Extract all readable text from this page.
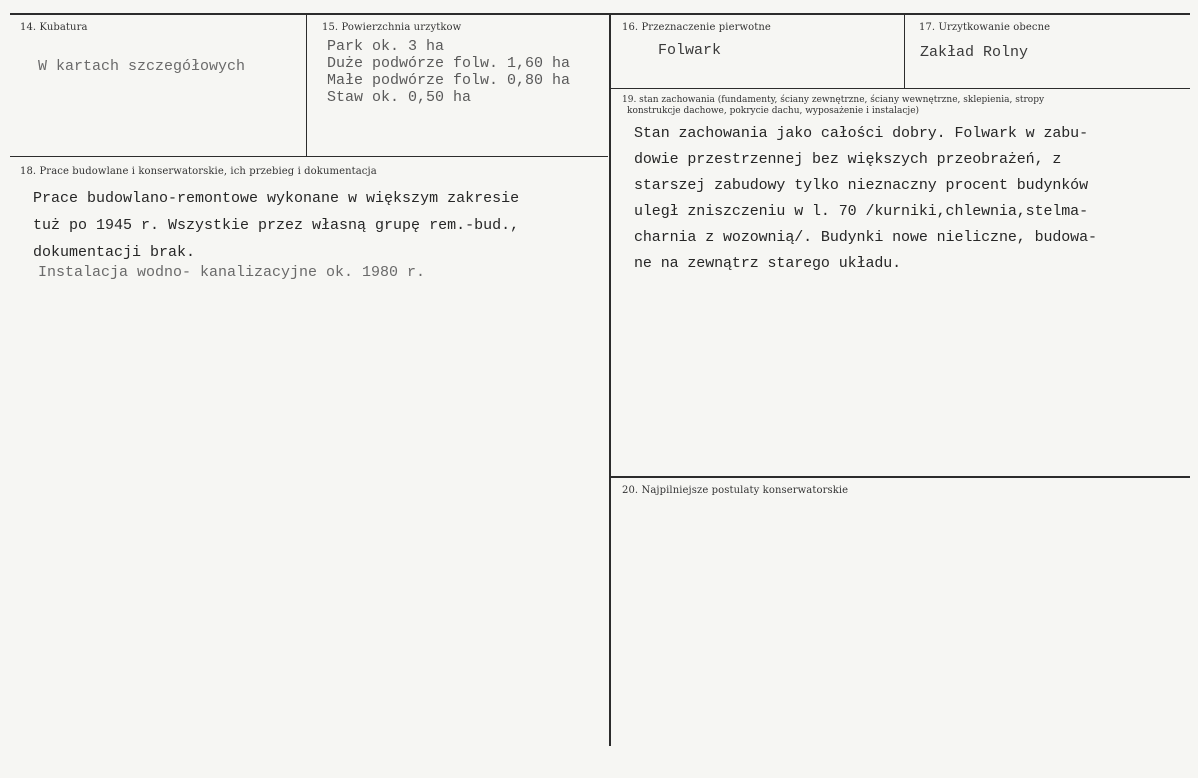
14. Kubatura
W kartach szczegółowych
15. Powierzchnia urzytkow
Park ok. 3 ha
Duże podwórze folw. 1,60 ha
Małe podwórze folw. 0,80 ha
Staw ok. 0,50 ha
16. Przeznaczenie pierwotne
Folwark
17. Urzytkowanie obecne
Zakład Rolny
18. Prace budowlane i konserwatorskie, ich przebieg i dokumentacja
Prace budowlano-remontowe wykonane w większym zakresie
tuż po 1945 r. Wszystkie przez własną grupę rem.-bud.,
dokumentacji brak.
Instalacja wodno- kanalizacyjne ok. 1980 r.
19. stan zachowania (fundamenty, ściany zewnętrzne, ściany wewnętrzne, sklepienia, stropy
konstrukcje dachowe, pokrycie dachu, wyposażenie i instalacje)
Stan zachowania jako całości dobry. Folwark w zabu-
dowie przestrzennej bez większych przeobrażeń, z
starszej zabudowy tylko nieznaczny procent budynków
uległ zniszczeniu w l. 70 /kurniki,chlewnia,stelma-
charnia z wozownią/. Budynki nowe nieliczne, budowa-
ne na zewnątrz starego układu.
20. Najpilniejsze postulaty konserwatorskie
